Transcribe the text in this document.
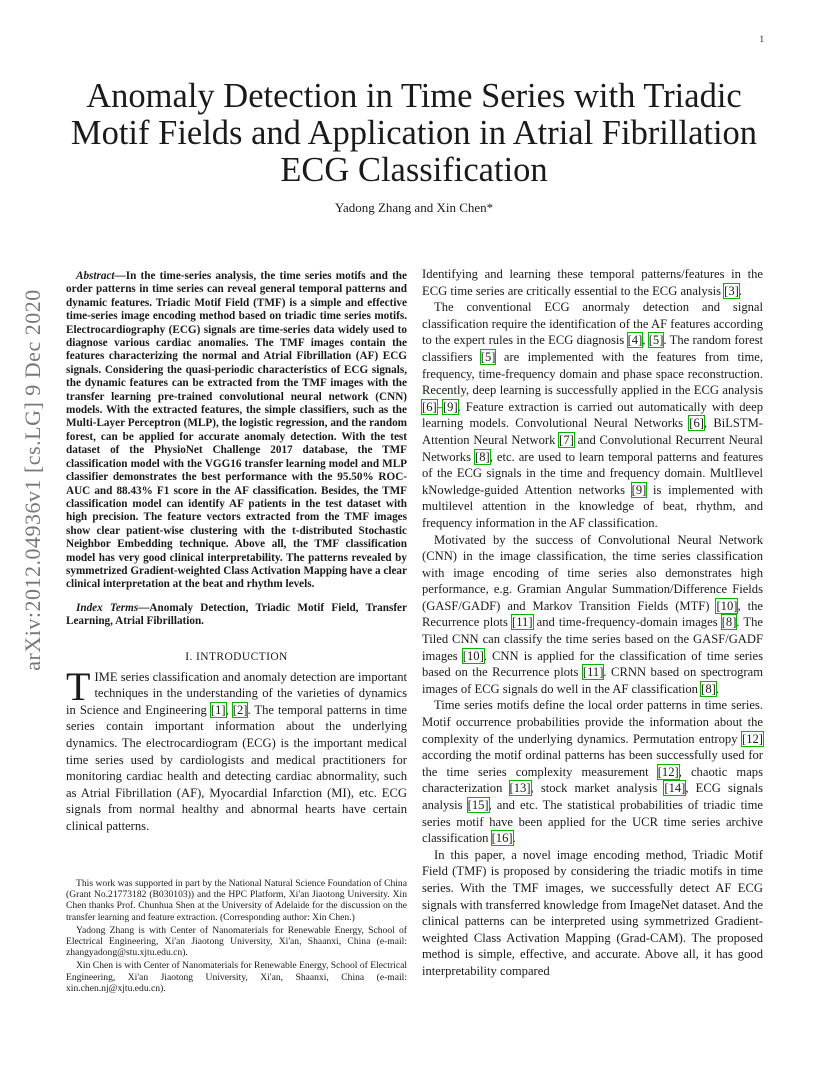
1
arXiv:2012.04936v1 [cs.LG] 9 Dec 2020
Anomaly Detection in Time Series with Triadic Motif Fields and Application in Atrial Fibrillation ECG Classification
Yadong Zhang and Xin Chen*

Abstract—In the time-series analysis, the time series motifs and the order patterns in time series can reveal general temporal patterns and dynamic features. Triadic Motif Field (TMF) is a simple and effective time-series image encoding method based on triadic time series motifs. Electrocardiography (ECG) signals are time-series data widely used to diagnose various cardiac anomalies. The TMF images contain the features characterizing the normal and Atrial Fibrillation (AF) ECG signals. Considering the quasi-periodic characteristics of ECG signals, the dynamic features can be extracted from the TMF images with the transfer learning pre-trained convolutional neural network (CNN) models. With the extracted features, the simple classifiers, such as the Multi-Layer Perceptron (MLP), the logistic regression, and the random forest, can be applied for accurate anomaly detection. With the test dataset of the PhysioNet Challenge 2017 database, the TMF classification model with the VGG16 transfer learning model and MLP classifier demonstrates the best performance with the 95.50% ROC-AUC and 88.43% F1 score in the AF classification. Besides, the TMF classification model can identify AF patients in the test dataset with high precision. The feature vectors extracted from the TMF images show clear patient-wise clustering with the t-distributed Stochastic Neighbor Embedding technique. Above all, the TMF classification model has very good clinical interpretability. The patterns revealed by symmetrized Gradient-weighted Class Activation Mapping have a clear clinical interpretation at the beat and rhythm levels.

Index Terms—Anomaly Detection, Triadic Motif Field, Transfer Learning, Atrial Fibrillation.

I. INTRODUCTION

TIME series classification and anomaly detection are important techniques in the understanding of the varieties of dynamics in Science and Engineering [1], [2]. The temporal patterns in time series contain important information about the underlying dynamics. The electrocardiogram (ECG) is the important medical time series used by cardiologists and medical practitioners for monitoring cardiac health and detecting cardiac abnormality, such as Atrial Fibrillation (AF), Myocardial Infarction (MI), etc. ECG signals from normal healthy and abnormal hearts have certain clinical patterns.

This work was supported in part by the National Natural Science Foundation of China (Grant No.21773182 (B030103)) and the HPC Platform, Xi'an Jiaotong University. Xin Chen thanks Prof. Chunhua Shen at the University of Adelaide for the discussion on the transfer learning and feature extraction. (Corresponding author: Xin Chen.)

Yadong Zhang is with Center of Nanomaterials for Renewable Energy, School of Electrical Engineering, Xi'an Jiaotong University, Xi'an, Shaanxi, China (e-mail: zhangyadong@stu.xjtu.edu.cn).

Xin Chen is with Center of Nanomaterials for Renewable Energy, School of Electrical Engineering, Xi'an Jiaotong University, Xi'an, Shaanxi, China (e-mail: xin.chen.nj@xjtu.edu.cn).

Identifying and learning these temporal patterns/features in the ECG time series are critically essential to the ECG analysis [3].

The conventional ECG anormaly detection and signal classification require the identification of the AF features according to the expert rules in the ECG diagnosis [4], [5]. The random forest classifiers [5] are implemented with the features from time, frequency, time-frequency domain and phase space reconstruction. Recently, deep learning is successfully applied in the ECG analysis [6]–[9]. Feature extraction is carried out automatically with deep learning models. Convolutional Neural Networks [6], BiLSTM-Attention Neural Network [7] and Convolutional Recurrent Neural Networks [8], etc. are used to learn temporal patterns and features of the ECG signals in the time and frequency domain. MultIlevel kNowledge-guided Attention networks [9] is implemented with multilevel attention in the knowledge of beat, rhythm, and frequency information in the AF classification.

Motivated by the success of Convolutional Neural Network (CNN) in the image classification, the time series classification with image encoding of time series also demonstrates high performance, e.g. Gramian Angular Summation/Difference Fields (GASF/GADF) and Markov Transition Fields (MTF) [10], the Recurrence plots [11] and time-frequency-domain images [8]. The Tiled CNN can classify the time series based on the GASF/GADF images [10]. CNN is applied for the classification of time series based on the Recurrence plots [11]. CRNN based on spectrogram images of ECG signals do well in the AF classification [8].

Time series motifs define the local order patterns in time series. Motif occurrence probabilities provide the information about the complexity of the underlying dynamics. Permutation entropy [12] according the motif ordinal patterns has been successfully used for the time series complexity measurement [12], chaotic maps characterization [13], stock market analysis [14], ECG signals analysis [15], and etc. The statistical probabilities of triadic time series motif have been applied for the UCR time series archive classification [16].

In this paper, a novel image encoding method, Triadic Motif Field (TMF) is proposed by considering the triadic motifs in time series. With the TMF images, we successfully detect AF ECG signals with transferred knowledge from ImageNet dataset. And the clinical patterns can be interpreted using symmetrized Gradient-weighted Class Activation Mapping (Grad-CAM). The proposed method is simple, effective, and accurate. Above all, it has good interpretability compared
